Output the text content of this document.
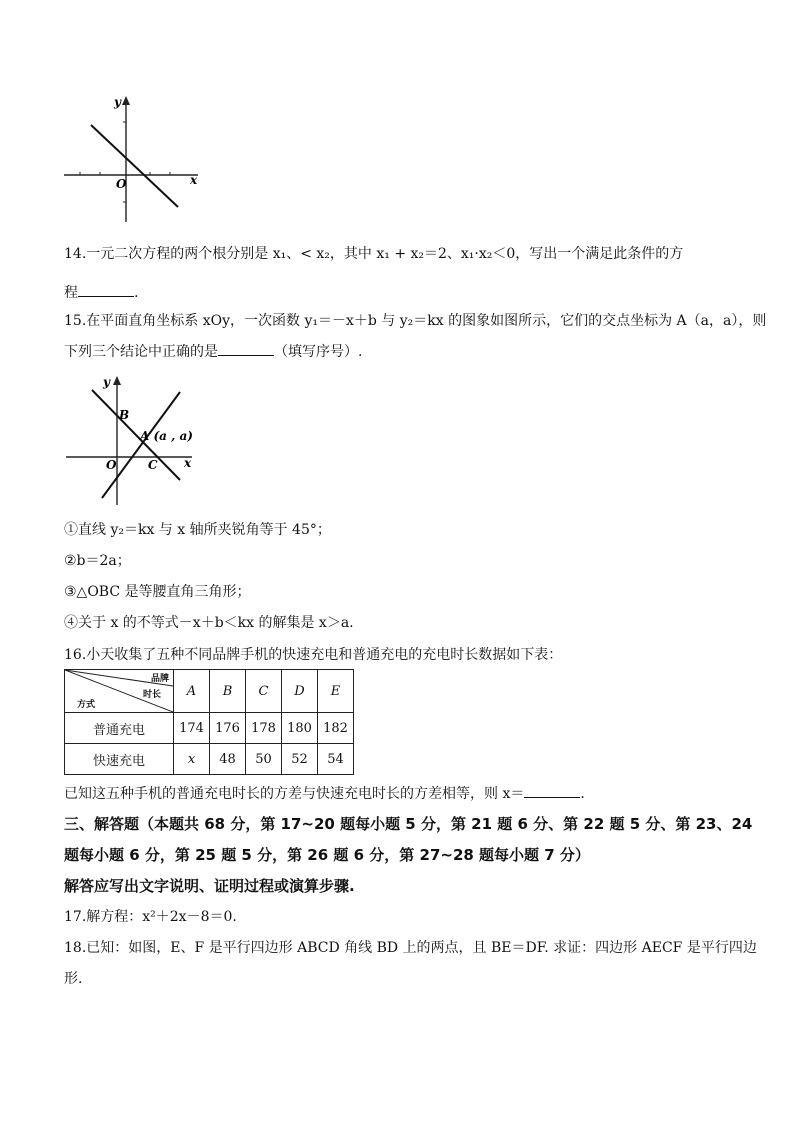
y
x
O
14.一元二次方程的两个根分别是 x₁、< x₂，其中 x₁ + x₂＝2、x₁·x₂＜0，写出一个满足此条件的方
程	.
15.在平面直角坐标系 xOy，一次函数 y₁＝－x＋b 与 y₂＝kx 的图象如图所示，它们的交点坐标为 A（a，a），则
下列三个结论中正确的是	（填写序号）.
y
x
O
B
A (a , a)
C
①直线 y₂＝kx 与 x 轴所夹锐角等于 45°；
②b＝2a；
③△OBC 是等腰直角三角形；
④关于 x 的不等式－x＋b＜kx 的解集是 x＞a.
16.小天收集了五种不同品牌手机的快速充电和普通充电的充电时长数据如下表：
品牌
时长
方式	A	B	C	D	E
普通充电	174	176	178	180	182
快速充电	x	48	50	52	54
已知这五种手机的普通充电时长的方差与快速充电时长的方差相等，则 x＝	.
三、解答题（本题共 68 分，第 17~20 题每小题 5 分，第 21 题 6 分、第 22 题 5 分、第 23、24
题每小题 6 分，第 25 题 5 分，第 26 题 6 分，第 27~28 题每小题 7 分）
解答应写出文字说明、证明过程或演算步骤.
17.解方程：x²＋2x－8＝0.
18.已知：如图，E、F 是平行四边形 ABCD 角线 BD 上的两点，且 BE＝DF. 求证：四边形 AECF 是平行四边
形.
